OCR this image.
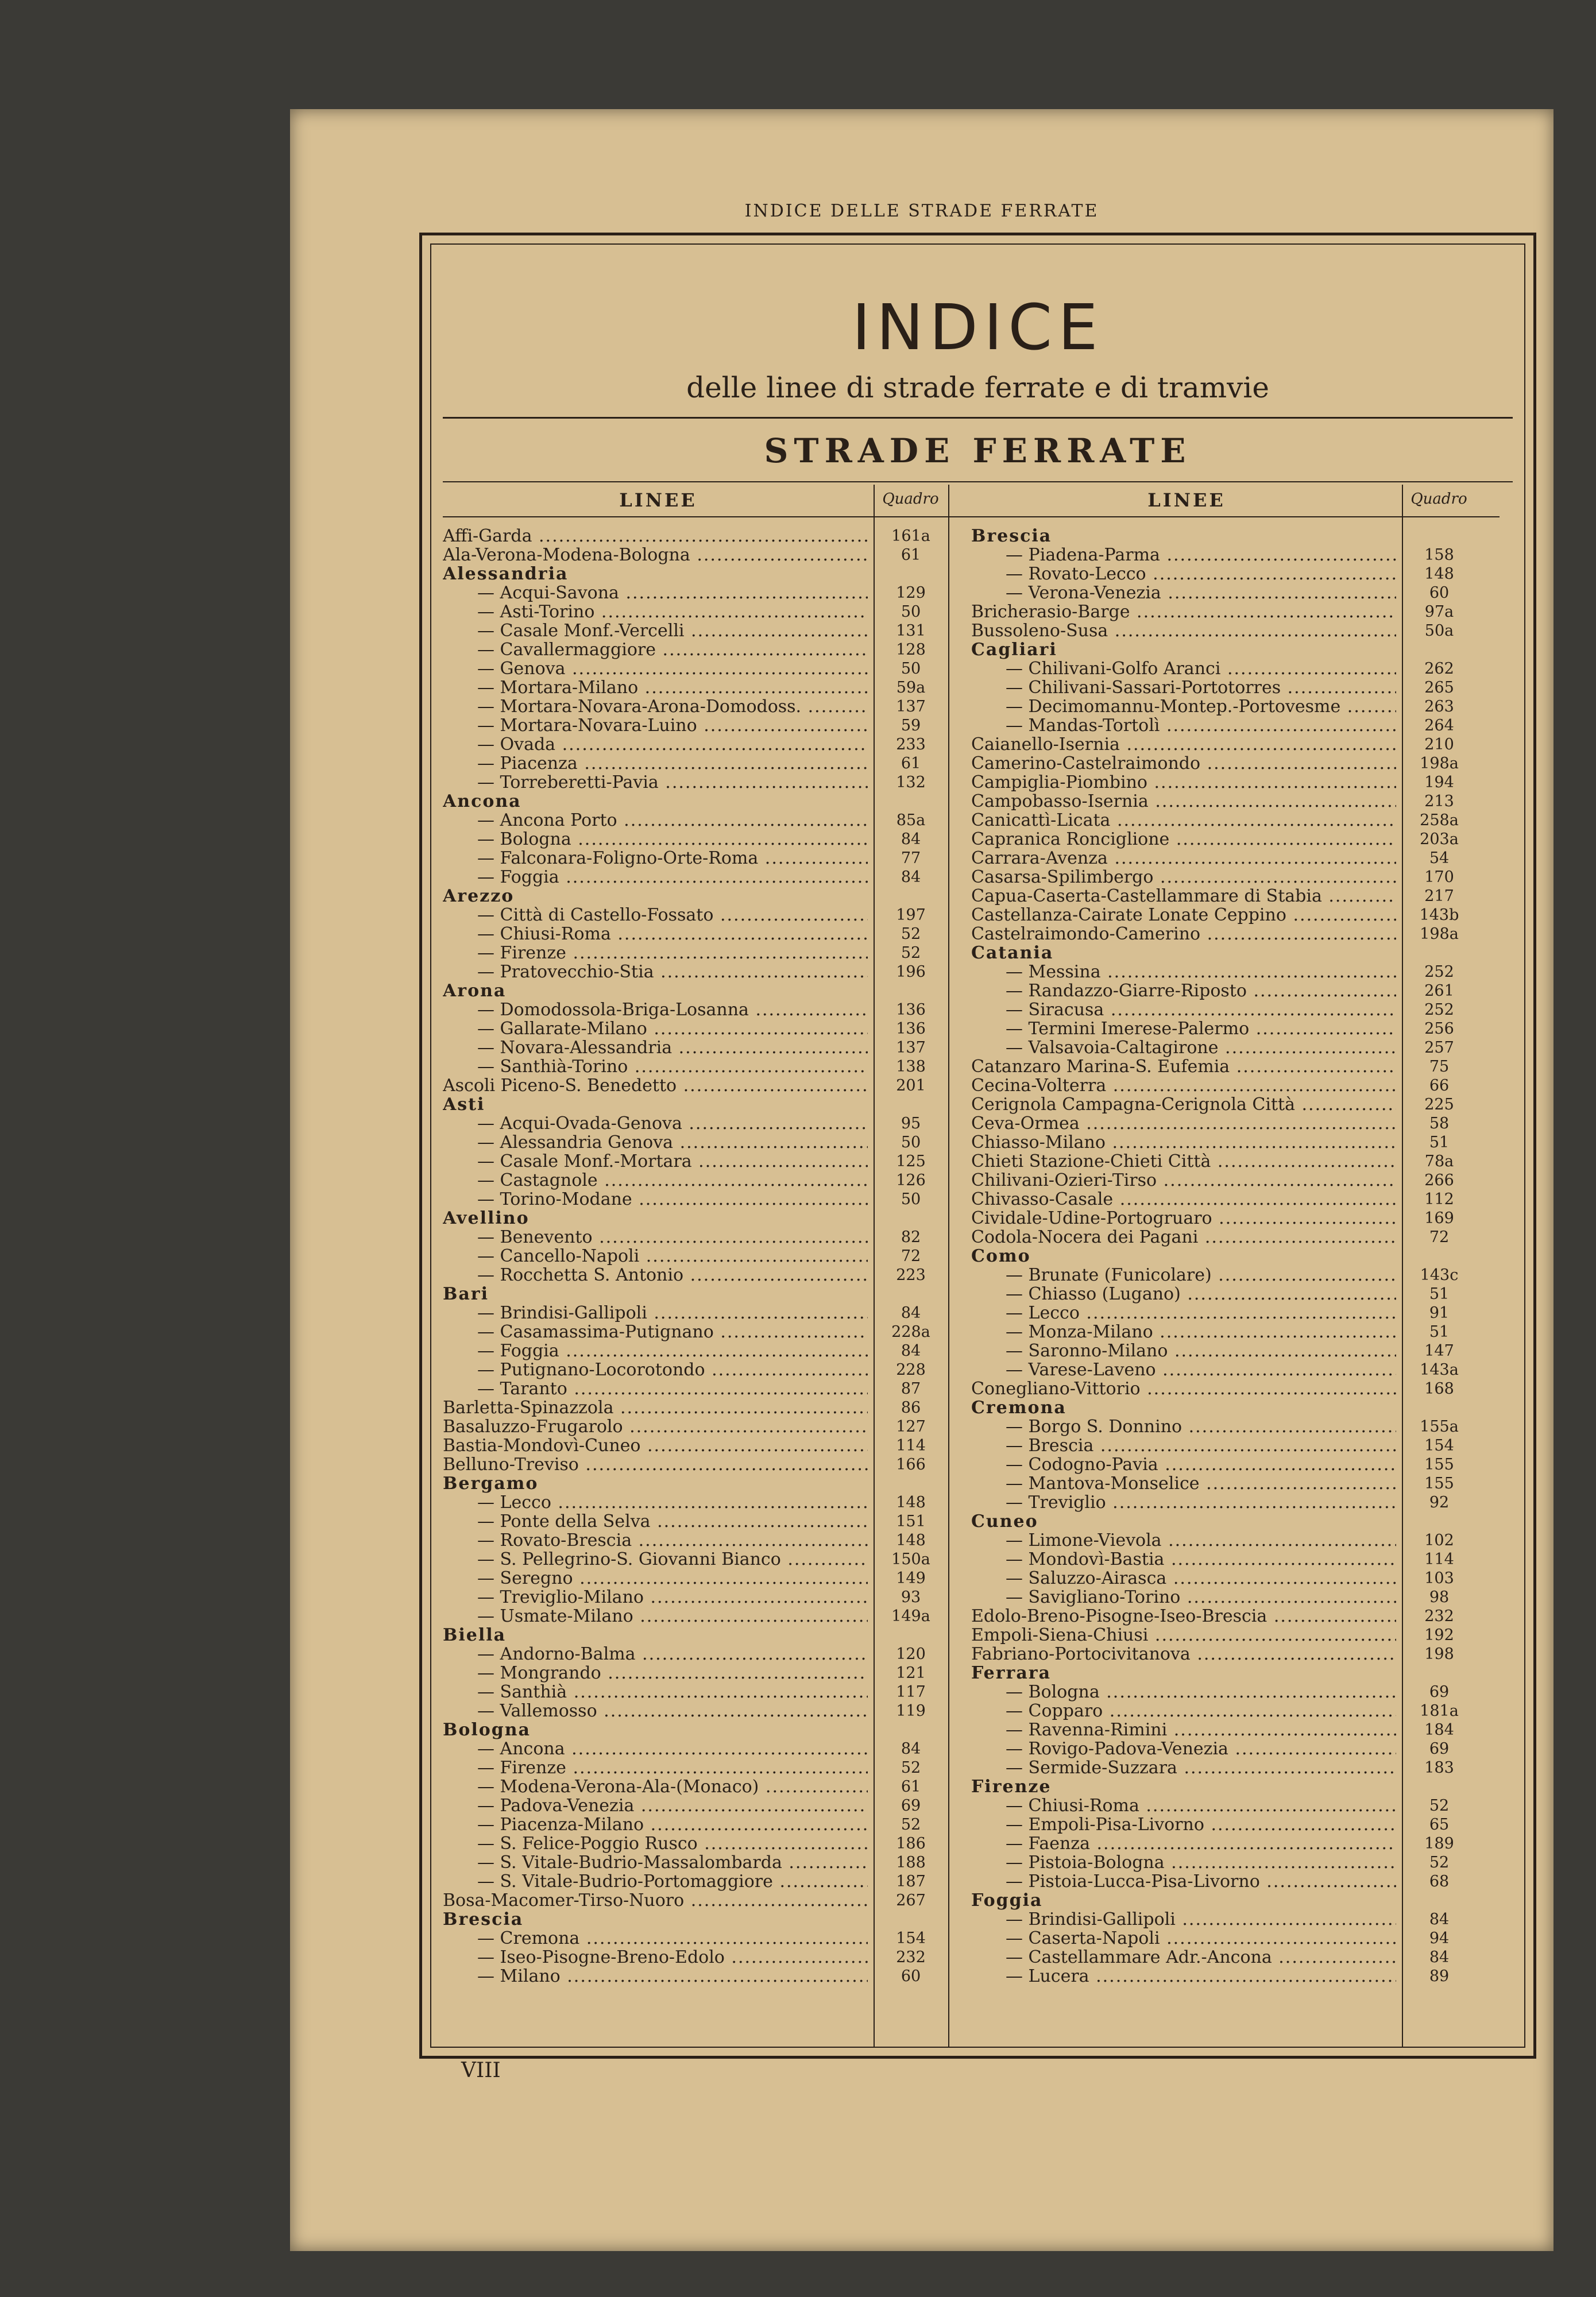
INDICE DELLE STRADE FERRATE
INDICE
delle linee di strade ferrate e di tramvie
STRADE FERRATE
LINEE	Quadro
Affi-Garda .....	161a
Ala-Verona-Modena-Bologna .....	61
Alessandria
— Acqui-Savona .....	129
— Asti-Torino .....	50
— Casale Monf.-Vercelli .....	131
— Cavallermaggiore .....	128
— Genova .....	50
— Mortara-Milano .....	59a
— Mortara-Novara-Arona-Domodoss. .....	137
— Mortara-Novara-Luino .....	59
— Ovada .....	233
— Piacenza .....	61
— Torreberetti-Pavia .....	132
Ancona
— Ancona Porto .....	85a
— Bologna .....	84
— Falconara-Foligno-Orte-Roma .....	77
— Foggia .....	84
Arezzo
— Città di Castello-Fossato .....	197
— Chiusi-Roma .....	52
— Firenze .....	52
— Pratovecchio-Stia .....	196
Arona
— Domodossola-Briga-Losanna .....	136
— Gallarate-Milano .....	136
— Novara-Alessandria .....	137
— Santhià-Torino .....	138
Ascoli Piceno-S. Benedetto .....	201
Asti
— Acqui-Ovada-Genova .....	95
— Alessandria Genova .....	50
— Casale Monf.-Mortara .....	125
— Castagnole .....	126
— Torino-Modane .....	50
Avellino
— Benevento .....	82
— Cancello-Napoli .....	72
— Rocchetta S. Antonio .....	223
Bari
— Brindisi-Gallipoli .....	84
— Casamassima-Putignano .....	228a
— Foggia .....	84
— Putignano-Locorotondo .....	228
— Taranto .....	87
Barletta-Spinazzola .....	86
Basaluzzo-Frugarolo .....	127
Bastia-Mondovì-Cuneo .....	114
Belluno-Treviso .....	166
Bergamo
— Lecco .....	148
— Ponte della Selva .....	151
— Rovato-Brescia .....	148
— S. Pellegrino-S. Giovanni Bianco .....	150a
— Seregno .....	149
— Treviglio-Milano .....	93
— Usmate-Milano .....	149a
Biella
— Andorno-Balma .....	120
— Mongrando .....	121
— Santhià .....	117
— Vallemosso .....	119
Bologna
— Ancona .....	84
— Firenze .....	52
— Modena-Verona-Ala-(Monaco) .....	61
— Padova-Venezia .....	69
— Piacenza-Milano .....	52
— S. Felice-Poggio Rusco .....	186
— S. Vitale-Budrio-Massalombarda .....	188
— S. Vitale-Budrio-Portomaggiore .....	187
Bosa-Macomer-Tirso-Nuoro .....	267
Brescia
— Cremona .....	154
— Iseo-Pisogne-Breno-Edolo .....	232
— Milano .....	60
LINEE	Quadro
Brescia
— Piadena-Parma .....	158
— Rovato-Lecco .....	148
— Verona-Venezia .....	60
Bricherasio-Barge .....	97a
Bussoleno-Susa .....	50a
Cagliari
— Chilivani-Golfo Aranci .....	262
— Chilivani-Sassari-Portotorres .....	265
— Decimomannu-Montep.-Portovesme .....	263
— Mandas-Tortolì .....	264
Caianello-Isernia .....	210
Camerino-Castelraimondo .....	198a
Campiglia-Piombino .....	194
Campobasso-Isernia .....	213
Canicattì-Licata .....	258a
Capranica Ronciglione .....	203a
Carrara-Avenza .....	54
Casarsa-Spilimbergo .....	170
Capua-Caserta-Castellammare di Stabia .....	217
Castellanza-Cairate Lonate Ceppino .....	143b
Castelraimondo-Camerino .....	198a
Catania
— Messina .....	252
— Randazzo-Giarre-Riposto .....	261
— Siracusa .....	252
— Termini Imerese-Palermo .....	256
— Valsavoia-Caltagirone .....	257
Catanzaro Marina-S. Eufemia .....	75
Cecina-Volterra .....	66
Cerignola Campagna-Cerignola Città .....	225
Ceva-Ormea .....	58
Chiasso-Milano .....	51
Chieti Stazione-Chieti Città .....	78a
Chilivani-Ozieri-Tirso .....	266
Chivasso-Casale .....	112
Cividale-Udine-Portogruaro .....	169
Codola-Nocera dei Pagani .....	72
Como
— Brunate (Funicolare) .....	143c
— Chiasso (Lugano) .....	51
— Lecco .....	91
— Monza-Milano .....	51
— Saronno-Milano .....	147
— Varese-Laveno .....	143a
Conegliano-Vittorio .....	168
Cremona
— Borgo S. Donnino .....	155a
— Brescia .....	154
— Codogno-Pavia .....	155
— Mantova-Monselice .....	155
— Treviglio .....	92
Cuneo
— Limone-Vievola .....	102
— Mondovì-Bastia .....	114
— Saluzzo-Airasca .....	103
— Savigliano-Torino .....	98
Edolo-Breno-Pisogne-Iseo-Brescia .....	232
Empoli-Siena-Chiusi .....	192
Fabriano-Portocivitanova .....	198
Ferrara
— Bologna .....	69
— Copparo .....	181a
— Ravenna-Rimini .....	184
— Rovigo-Padova-Venezia .....	69
— Sermide-Suzzara .....	183
Firenze
— Chiusi-Roma .....	52
— Empoli-Pisa-Livorno .....	65
— Faenza .....	189
— Pistoia-Bologna .....	52
— Pistoia-Lucca-Pisa-Livorno .....	68
Foggia
— Brindisi-Gallipoli .....	84
— Caserta-Napoli .....	94
— Castellammare Adr.-Ancona .....	84
— Lucera .....	89
VIII
